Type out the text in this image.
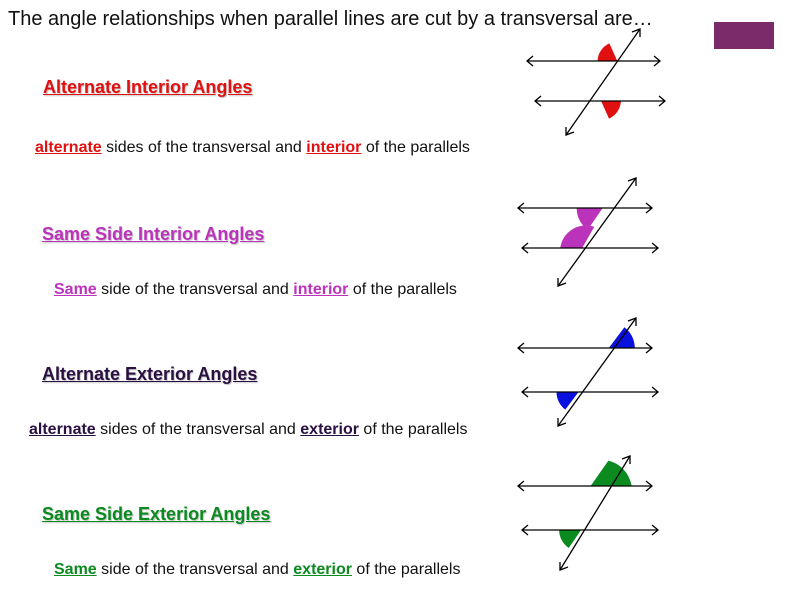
The angle relationships when parallel lines are cut by a transversal are…
Alternate Interior Angles
alternate sides of the transversal and interior of the parallels
Same Side Interior Angles
Same side of the transversal and interior of the parallels
Alternate Exterior Angles
alternate sides of the transversal and exterior of the parallels
Same Side Exterior Angles
Same side of the transversal and exterior of the parallels
